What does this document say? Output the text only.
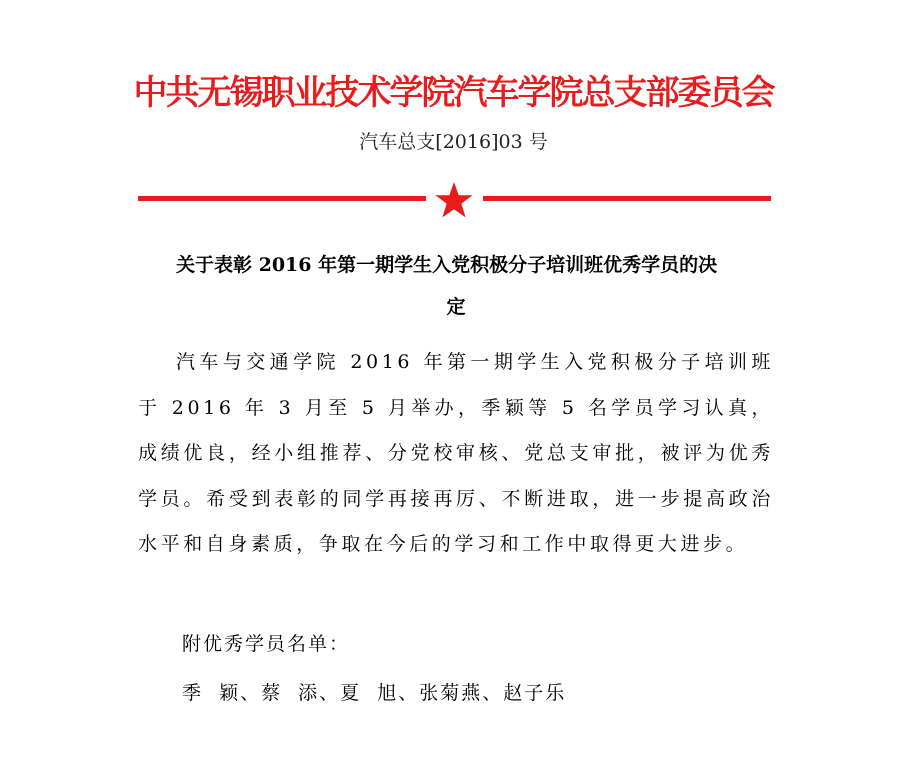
中共无锡职业技术学院汽车学院总支部委员会
汽车总支[2016]03 号
关于表彰 2016 年第一期学生入党积极分子培训班优秀学员的决
定
汽车与交通学院 2016 年第一期学生入党积极分子培训班于 2016 年 3 月至 5 月举办，季颖等 5 名学员学习认真，成绩优良，经小组推荐、分党校审核、党总支审批，被评为优秀学员。希受到表彰的同学再接再厉、不断进取，进一步提高政治水平和自身素质，争取在今后的学习和工作中取得更大进步。
附优秀学员名单：
季  颖、蔡  添、夏  旭、张菊燕、赵子乐
